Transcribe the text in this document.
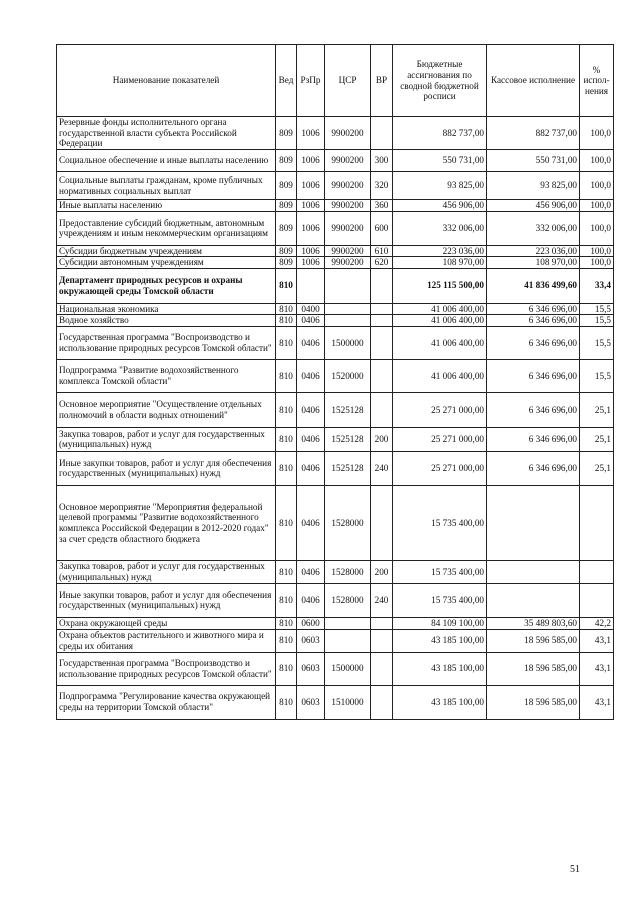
Наименование показателей	Вед	РзПр	ЦСР	ВР	Бюджетные ассигнования по сводной бюджетной росписи	Кассовое исполнение	% испол-нения
Резервные фонды исполнительного органа государственной власти субъекта Российской Федерации	809	1006	9900200		882 737,00	882 737,00	100,0
Социальное обеспечение и иные выплаты населению	809	1006	9900200	300	550 731,00	550 731,00	100,0
Социальные выплаты гражданам, кроме публичных нормативных социальных выплат	809	1006	9900200	320	93 825,00	93 825,00	100,0
Иные выплаты населению	809	1006	9900200	360	456 906,00	456 906,00	100,0
Предоставление субсидий бюджетным, автономным учреждениям и иным некоммерческим организациям	809	1006	9900200	600	332 006,00	332 006,00	100,0
Субсидии бюджетным учреждениям	809	1006	9900200	610	223 036,00	223 036,00	100,0
Субсидии автономным учреждениям	809	1006	9900200	620	108 970,00	108 970,00	100,0
Департамент природных ресурсов и охраны окружающей среды Томской области	810				125 115 500,00	41 836 499,60	33,4
Национальная экономика	810	0400			41 006 400,00	6 346 696,00	15,5
Водное хозяйство	810	0406			41 006 400,00	6 346 696,00	15,5
Государственная программа "Воспроизводство и использование природных ресурсов Томской области"	810	0406	1500000		41 006 400,00	6 346 696,00	15,5
Подпрограмма "Развитие водохозяйственного комплекса Томской области"	810	0406	1520000		41 006 400,00	6 346 696,00	15,5
Основное мероприятие "Осуществление отдельных полномочий в области водных отношений"	810	0406	1525128		25 271 000,00	6 346 696,00	25,1
Закупка товаров, работ и услуг для государственных (муниципальных) нужд	810	0406	1525128	200	25 271 000,00	6 346 696,00	25,1
Иные закупки товаров, работ и услуг для обеспечения государственных (муниципальных) нужд	810	0406	1525128	240	25 271 000,00	6 346 696,00	25,1
Основное мероприятие "Мероприятия федеральной целевой программы "Развитие водохозяйственного комплекса Российской Федерации в 2012-2020 годах" за счет средств областного бюджета	810	0406	1528000		15 735 400,00		
Закупка товаров, работ и услуг для государственных (муниципальных) нужд	810	0406	1528000	200	15 735 400,00		
Иные закупки товаров, работ и услуг для обеспечения государственных (муниципальных) нужд	810	0406	1528000	240	15 735 400,00		
Охрана окружающей среды	810	0600			84 109 100,00	35 489 803,60	42,2
Охрана объектов растительного и животного мира и среды их обитания	810	0603			43 185 100,00	18 596 585,00	43,1
Государственная программа "Воспроизводство и использование природных ресурсов Томской области"	810	0603	1500000		43 185 100,00	18 596 585,00	43,1
Подпрограмма "Регулирование качества окружающей среды на территории Томской области"	810	0603	1510000		43 185 100,00	18 596 585,00	43,1
51
